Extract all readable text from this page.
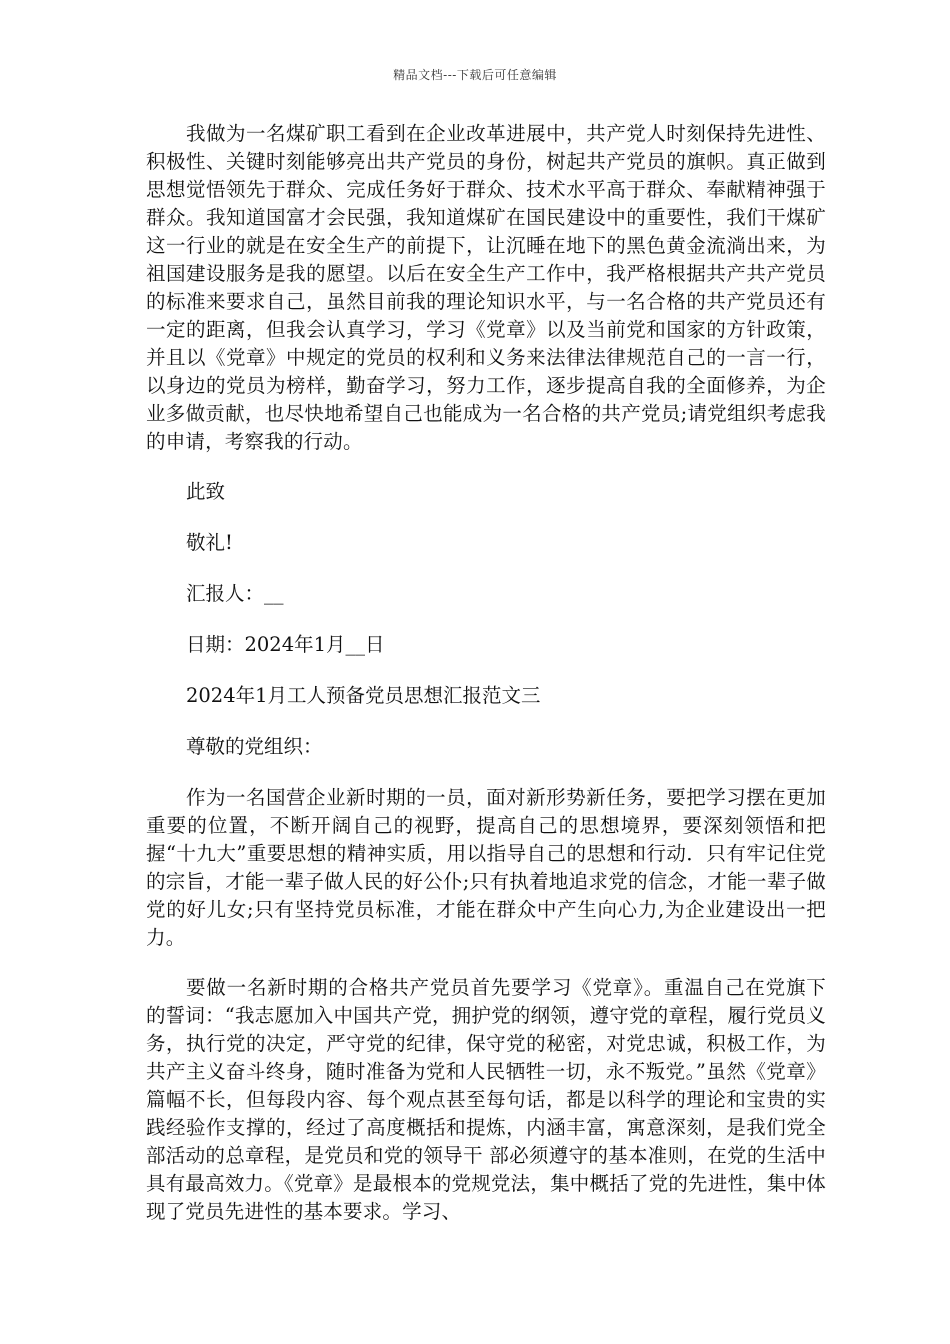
精品文档---下载后可任意编辑

我做为一名煤矿职工看到在企业改革进展中，共产党人时刻保持先进性、积极性、关键时刻能够亮出共产党员的身份，树起共产党员的旗帜。真正做到思想觉悟领先于群众、完成任务好于群众、技术水平高于群众、奉献精神强于群众。我知道国富才会民强，我知道煤矿在国民建设中的重要性，我们干煤矿这一行业的就是在安全生产的前提下，让沉睡在地下的黑色黄金流淌出来，为祖国建设服务是我的愿望。以后在安全生产工作中，我严格根据共产共产党员的标准来要求自己，虽然目前我的理论知识水平，与一名合格的共产党员还有一定的距离，但我会认真学习，学习《党章》以及当前党和国家的方针政策，并且以《党章》中规定的党员的权利和义务来法律法律规范自己的一言一行，以身边的党员为榜样，勤奋学习，努力工作，逐步提高自我的全面修养，为企业多做贡献，也尽快地希望自己也能成为一名合格的共产党员;请党组织考虑我的申请，考察我的行动。

此致

敬礼!

汇报人：__

日期：2024年1月__日

2024年1月工人预备党员思想汇报范文三

尊敬的党组织：

作为一名国营企业新时期的一员，面对新形势新任务，要把学习摆在更加重要的位置，不断开阔自己的视野，提高自己的思想境界，要深刻领悟和把握“十九大”重要思想的精神实质，用以指导自己的思想和行动．只有牢记住党的宗旨，才能一辈子做人民的好公仆;只有执着地追求党的信念，才能一辈子做党的好儿女;只有坚持党员标准，才能在群众中产生向心力,为企业建设出一把力。

要做一名新时期的合格共产党员首先要学习《党章》。重温自己在党旗下的誓词：“我志愿加入中国共产党，拥护党的纲领，遵守党的章程，履行党员义务，执行党的决定，严守党的纪律，保守党的秘密，对党忠诚，积极工作，为共产主义奋斗终身，随时准备为党和人民牺牲一切，永不叛党。”虽然《党章》篇幅不长，但每段内容、每个观点甚至每句话，都是以科学的理论和宝贵的实践经验作支撑的，经过了高度概括和提炼，内涵丰富，寓意深刻，是我们党全部活动的总章程，是党员和党的领导干 部必须遵守的基本准则，在党的生活中具有最高效力。《党章》是最根本的党规党法，集中概括了党的先进性，集中体现了党员先进性的基本要求。学习、
